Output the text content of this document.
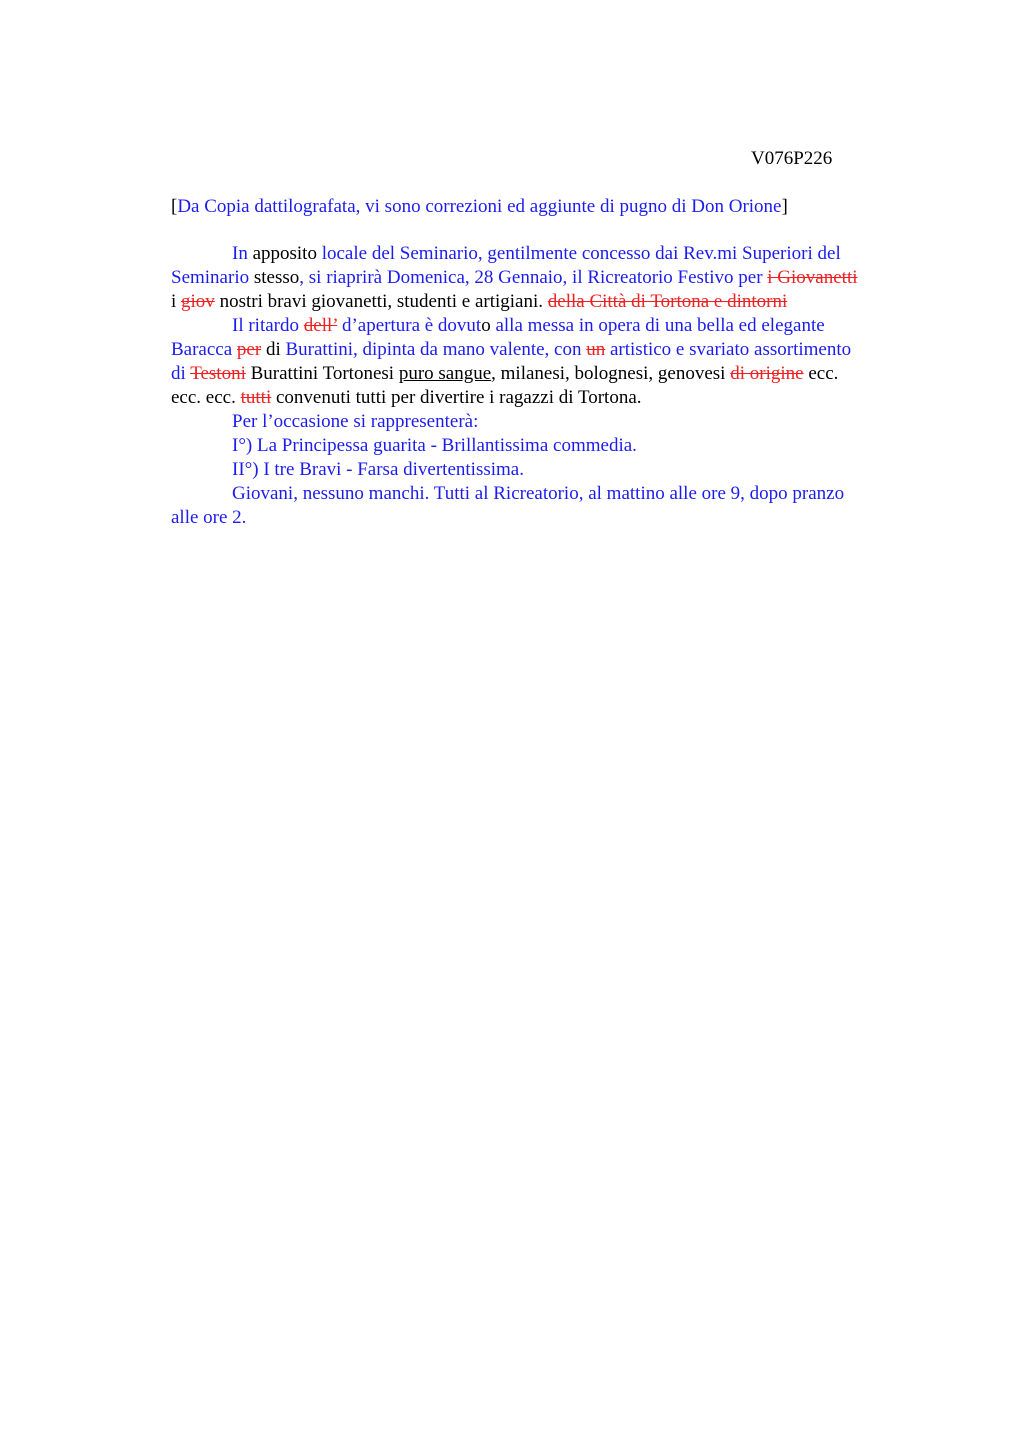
V076P226
[Da Copia dattilografata, vi sono correzioni ed aggiunte di pugno di Don Orione]
In apposito locale del Seminario, gentilmente concesso dai Rev.mi Superiori del
Seminario stesso, si riaprirà Domenica, 28 Gennaio, il Ricreatorio Festivo per i Giovanetti
i giov nostri bravi giovanetti, studenti e artigiani. della Città di Tortona e dintorni
Il ritardo dell’ d’apertura è dovuto alla messa in opera di una bella ed elegante
Baracca per di Burattini, dipinta da mano valente, con un artistico e svariato assortimento
di Testoni Burattini Tortonesi puro sangue, milanesi, bolognesi, genovesi di origine ecc.
ecc. ecc. tutti convenuti tutti per divertire i ragazzi di Tortona.
Per l’occasione si rappresenterà:
I°) La Principessa guarita - Brillantissima commedia.
II°) I tre Bravi - Farsa divertentissima.
Giovani, nessuno manchi. Tutti al Ricreatorio, al mattino alle ore 9, dopo pranzo
alle ore 2.
